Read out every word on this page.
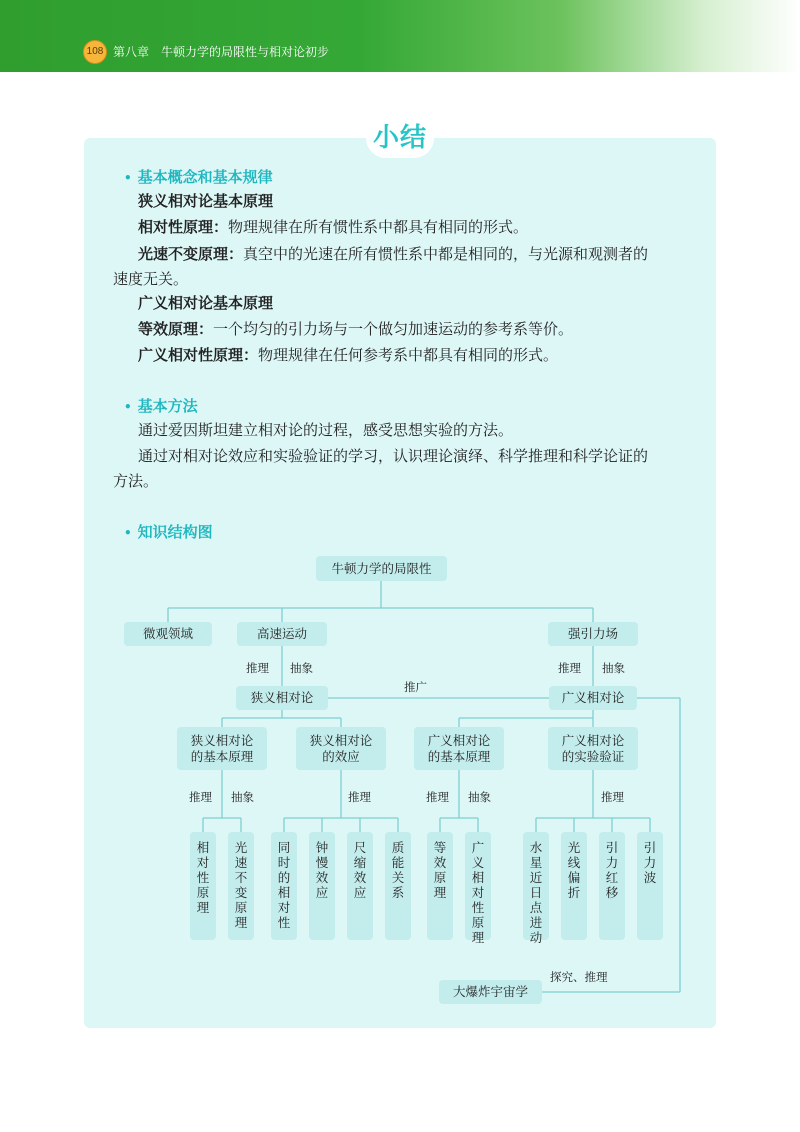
108 第八章　牛顿力学的局限性与相对论初步
小结
• 基本概念和基本规律
狭义相对论基本原理
相对性原理：物理规律在所有惯性系中都具有相同的形式。
光速不变原理：真空中的光速在所有惯性系中都是相同的，与光源和观测者的
速度无关。
广义相对论基本原理
等效原理：一个均匀的引力场与一个做匀加速运动的参考系等价。
广义相对性原理：物理规律在任何参考系中都具有相同的形式。
• 基本方法
通过爱因斯坦建立相对论的过程，感受思想实验的方法。
通过对相对论效应和实验验证的学习，认识理论演绎、科学推理和科学论证的
方法。
• 知识结构图
牛顿力学的局限性
微观领域	高速运动	强引力场
推理 抽象	推理 抽象
推广
狭义相对论	广义相对论
狭义相对论
的基本原理
狭义相对论
的效应
广义相对论
的基本原理
广义相对论
的实验验证
推理 抽象	推理	推理 抽象	推理
相
对
性
原
理
光
速
不
变
原
理
同
时
的
相
对
性
钟
慢
效
应
尺
缩
效
应
质
能
关
系
等
效
原
理
广
义
相
对
性
原
理
水
星
近
日
点
进
动
光
线
偏
折
引
力
红
移
引
力
波
探究、推理
大爆炸宇宙学
